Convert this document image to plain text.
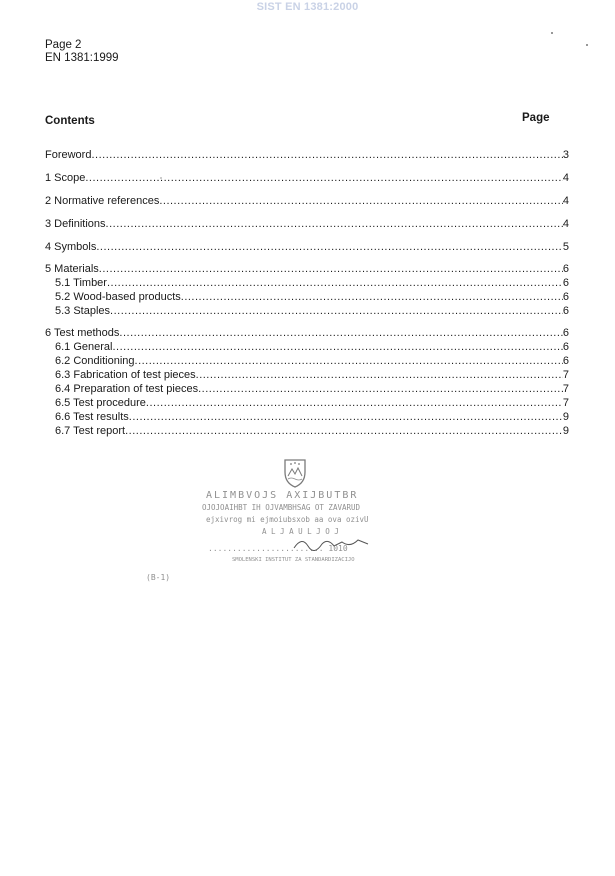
SIST EN 1381:2000
Page 2
EN 1381:1999
Contents	Page
Foreword .....	3
1 Scope .....	4
2 Normative references .....	4
3 Definitions .....	4
4 Symbols .....	5
5 Materials .....	6
5.1 Timber .....	6
5.2 Wood-based products .....	6
5.3 Staples .....	6
6 Test methods .....	6
6.1 General .....	6
6.2 Conditioning .....	6
6.3 Fabrication of test pieces .....	7
6.4 Preparation of test pieces .....	7
6.5 Test procedure .....	7
6.6 Test results .....	9
6.7 Test report .....	9
ALIMBVOJS AXIJBUTBR
OJOJOAIHBT IH OJVAMBHSAG OT ZAVARUD
ejxivrog mi ejmoiubsxob aa ova ozivU
A L J A U L J O J
........................ 1010
SMOLENSKI INSTITUT ZA STANDARDIZACIJO
(B-1)
